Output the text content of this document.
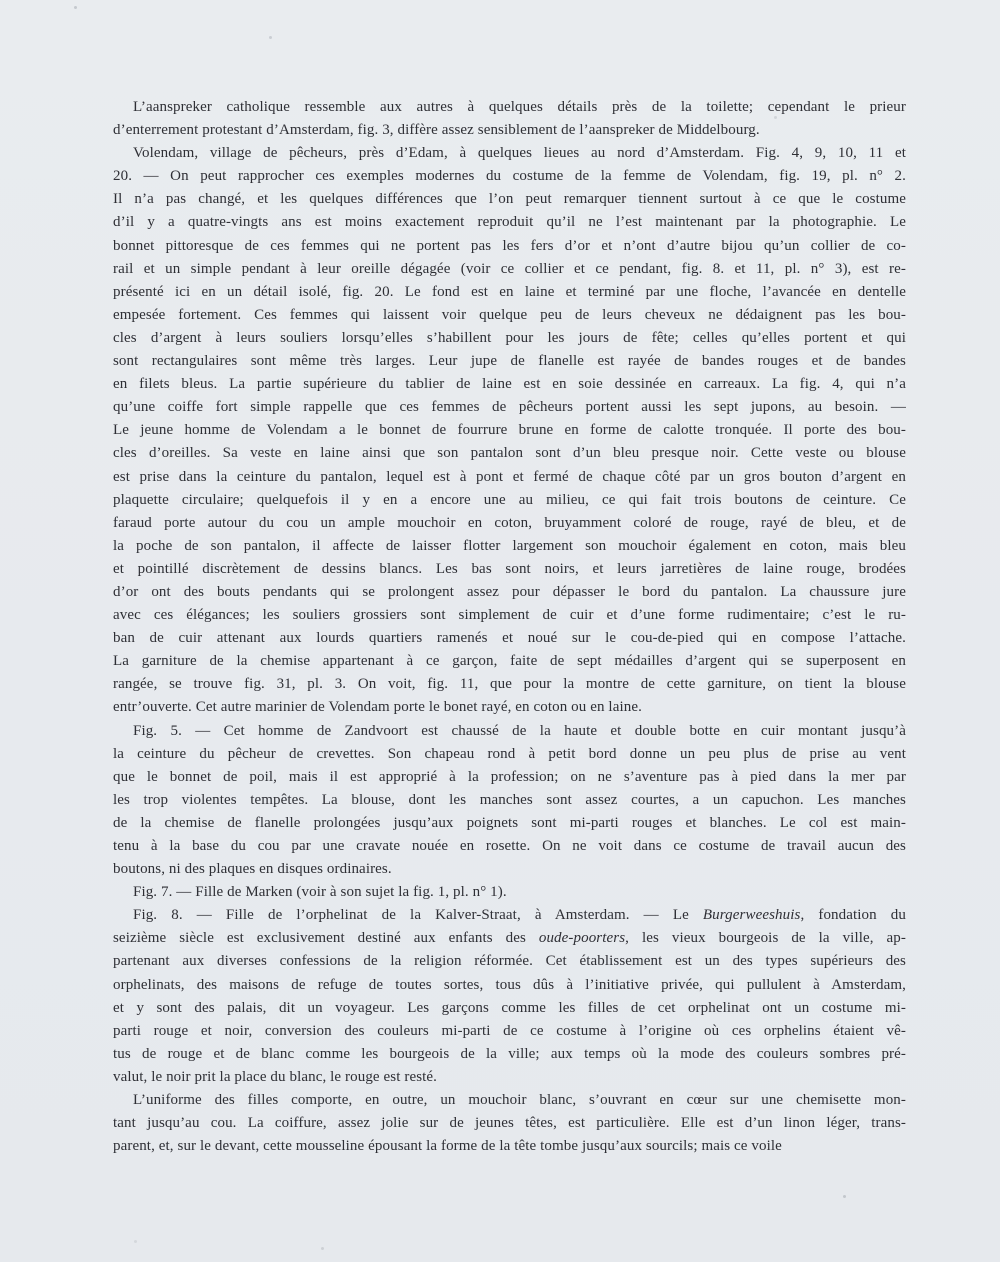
L’aanspreker catholique ressemble aux autres à quelques détails près de la toilette; cependant le prieur
d’enterrement protestant d’Amsterdam, fig. 3, diffère assez sensiblement de l’aanspreker de Middelbourg.
Volendam, village de pêcheurs, près d’Edam, à quelques lieues au nord d’Amsterdam. Fig. 4, 9, 10, 11 et
20. — On peut rapprocher ces exemples modernes du costume de la femme de Volendam, fig. 19, pl. n° 2.
Il n’a pas changé, et les quelques différences que l’on peut remarquer tiennent surtout à ce que le costume
d’il y a quatre-vingts ans est moins exactement reproduit qu’il ne l’est maintenant par la photographie. Le
bonnet pittoresque de ces femmes qui ne portent pas les fers d’or et n’ont d’autre bijou qu’un collier de co-
rail et un simple pendant à leur oreille dégagée (voir ce collier et ce pendant, fig. 8. et 11, pl. n° 3), est re-
présenté ici en un détail isolé, fig. 20. Le fond est en laine et terminé par une floche, l’avancée en dentelle
empesée fortement. Ces femmes qui laissent voir quelque peu de leurs cheveux ne dédaignent pas les bou-
cles d’argent à leurs souliers lorsqu’elles s’habillent pour les jours de fête; celles qu’elles portent et qui
sont rectangulaires sont même très larges. Leur jupe de flanelle est rayée de bandes rouges et de bandes
en filets bleus. La partie supérieure du tablier de laine est en soie dessinée en carreaux. La fig. 4, qui n’a
qu’une coiffe fort simple rappelle que ces femmes de pêcheurs portent aussi les sept jupons, au besoin. —
Le jeune homme de Volendam a le bonnet de fourrure brune en forme de calotte tronquée. Il porte des bou-
cles d’oreilles. Sa veste en laine ainsi que son pantalon sont d’un bleu presque noir. Cette veste ou blouse
est prise dans la ceinture du pantalon, lequel est à pont et fermé de chaque côté par un gros bouton d’argent en
plaquette circulaire; quelquefois il y en a encore une au milieu, ce qui fait trois boutons de ceinture. Ce
faraud porte autour du cou un ample mouchoir en coton, bruyamment coloré de rouge, rayé de bleu, et de
la poche de son pantalon, il affecte de laisser flotter largement son mouchoir également en coton, mais bleu
et pointillé discrètement de dessins blancs. Les bas sont noirs, et leurs jarretières de laine rouge, brodées
d’or ont des bouts pendants qui se prolongent assez pour dépasser le bord du pantalon. La chaussure jure
avec ces élégances; les souliers grossiers sont simplement de cuir et d’une forme rudimentaire; c’est le ru-
ban de cuir attenant aux lourds quartiers ramenés et noué sur le cou-de-pied qui en compose l’attache.
La garniture de la chemise appartenant à ce garçon, faite de sept médailles d’argent qui se superposent en
rangée, se trouve fig. 31, pl. 3. On voit, fig. 11, que pour la montre de cette garniture, on tient la blouse
entr’ouverte. Cet autre marinier de Volendam porte le bonet rayé, en coton ou en laine.
Fig. 5. — Cet homme de Zandvoort est chaussé de la haute et double botte en cuir montant jusqu’à
la ceinture du pêcheur de crevettes. Son chapeau rond à petit bord donne un peu plus de prise au vent
que le bonnet de poil, mais il est approprié à la profession; on ne s’aventure pas à pied dans la mer par
les trop violentes tempêtes. La blouse, dont les manches sont assez courtes, a un capuchon. Les manches
de la chemise de flanelle prolongées jusqu’aux poignets sont mi-parti rouges et blanches. Le col est main-
tenu à la base du cou par une cravate nouée en rosette. On ne voit dans ce costume de travail aucun des
boutons, ni des plaques en disques ordinaires.
Fig. 7. — Fille de Marken (voir à son sujet la fig. 1, pl. n° 1).
Fig. 8. — Fille de l’orphelinat de la Kalver-Straat, à Amsterdam. — Le Burgerweeshuis, fondation du
seizième siècle est exclusivement destiné aux enfants des oude-poorters, les vieux bourgeois de la ville, ap-
partenant aux diverses confessions de la religion réformée. Cet établissement est un des types supérieurs des
orphelinats, des maisons de refuge de toutes sortes, tous dûs à l’initiative privée, qui pullulent à Amsterdam,
et y sont des palais, dit un voyageur. Les garçons comme les filles de cet orphelinat ont un costume mi-
parti rouge et noir, conversion des couleurs mi-parti de ce costume à l’origine où ces orphelins étaient vê-
tus de rouge et de blanc comme les bourgeois de la ville; aux temps où la mode des couleurs sombres pré-
valut, le noir prit la place du blanc, le rouge est resté.
L’uniforme des filles comporte, en outre, un mouchoir blanc, s’ouvrant en cœur sur une chemisette mon-
tant jusqu’au cou. La coiffure, assez jolie sur de jeunes têtes, est particulière. Elle est d’un linon léger, trans-
parent, et, sur le devant, cette mousseline épousant la forme de la tête tombe jusqu’aux sourcils; mais ce voile
